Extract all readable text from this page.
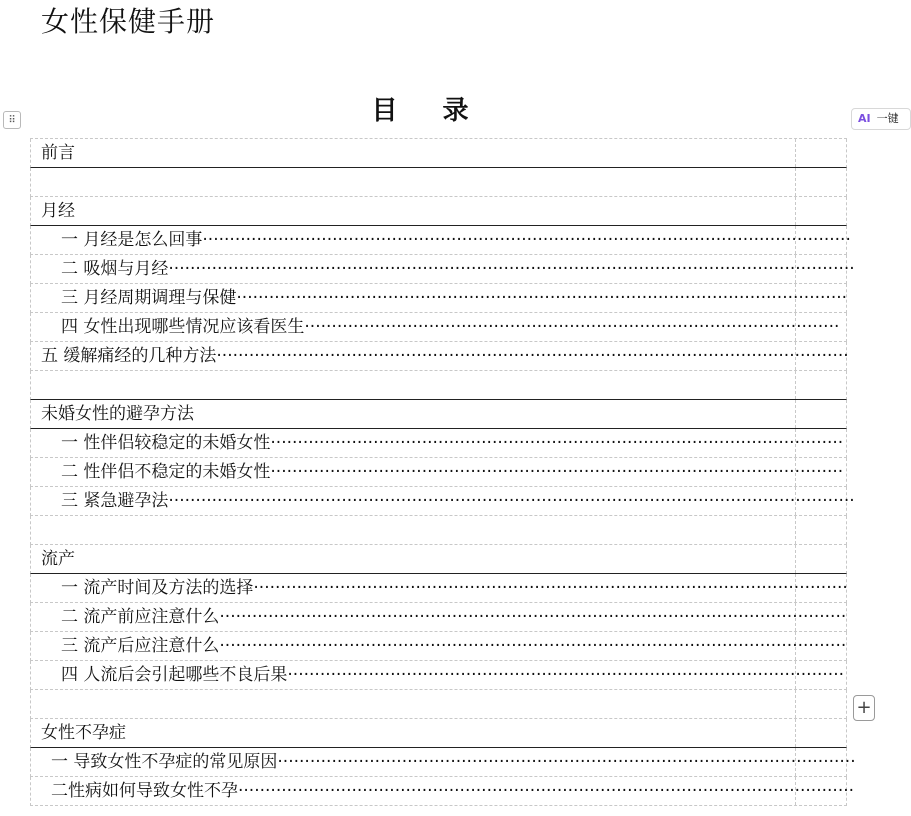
女性保健手册
⠿	目 录	AI 一键
前言
月经
一 月经是怎么回事························································································································
二 吸烟与月经·······························································································································
三 月经周期调理与保健·················································································································
四 女性出现哪些情况应该看医生···································································································
五 缓解痛经的几种方法·····················································································································
未婚女性的避孕方法
一 性伴侣较稳定的未婚女性··········································································································
二 性伴侣不稳定的未婚女性··········································································································
三 紧急避孕法·······························································································································
流产
一 流产时间及方法的选择··············································································································
二 流产前应注意什么····················································································································
三 流产后应注意什么····················································································································
四 人流后会引起哪些不良后果·······································································································
女性不孕症
一 导致女性不孕症的常见原因···········································································································
二性病如何导致女性不孕··················································································································
+
